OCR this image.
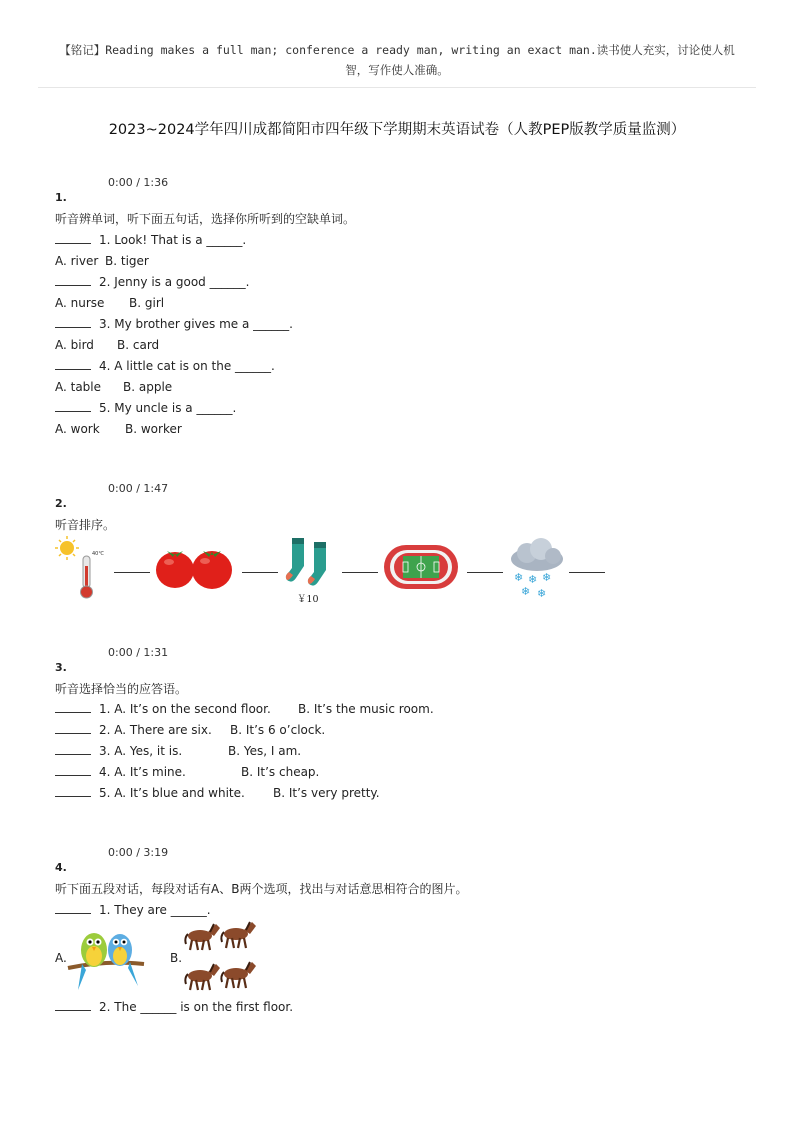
【铭记】Reading makes a full man; conference a ready man, writing an exact man.读书使人充实，讨论使人机
智，写作使人准确。
2023~2024学年四川成都简阳市四年级下学期期末英语试卷（人教PEP版教学质量监测）
0:00 / 1:36
1.
听音辨单词，听下面五句话，选择你所听到的空缺单词。
1. Look! That is a ______.
A. river B. tiger
2. Jenny is a good ______.
A. nurse B. girl
3. My brother gives me a ______.
A. bird B. card
4. A little cat is on the ______.
A. table B. apple
5. My uncle is a ______.
A. work B. worker
0:00 / 1:47
2.
听音排序。
40℃
￥10
❄ ❄ ❄
❄ ❄
0:00 / 1:31
3.
听音选择恰当的应答语。
1. A. It’s on the second floor. B. It’s the music room.
2. A. There are six. B. It’s 6 o’clock.
3. A. Yes, it is.	B. Yes, I am.
4. A. It’s mine.	B. It’s cheap.
5. A. It’s blue and white. B. It’s very pretty.
0:00 / 3:19
4.
听下面五段对话，每段对话有A、B两个选项，找出与对话意思相符合的图片。
1. They are ______.
A.	B.
2. The ______ is on the first floor.
